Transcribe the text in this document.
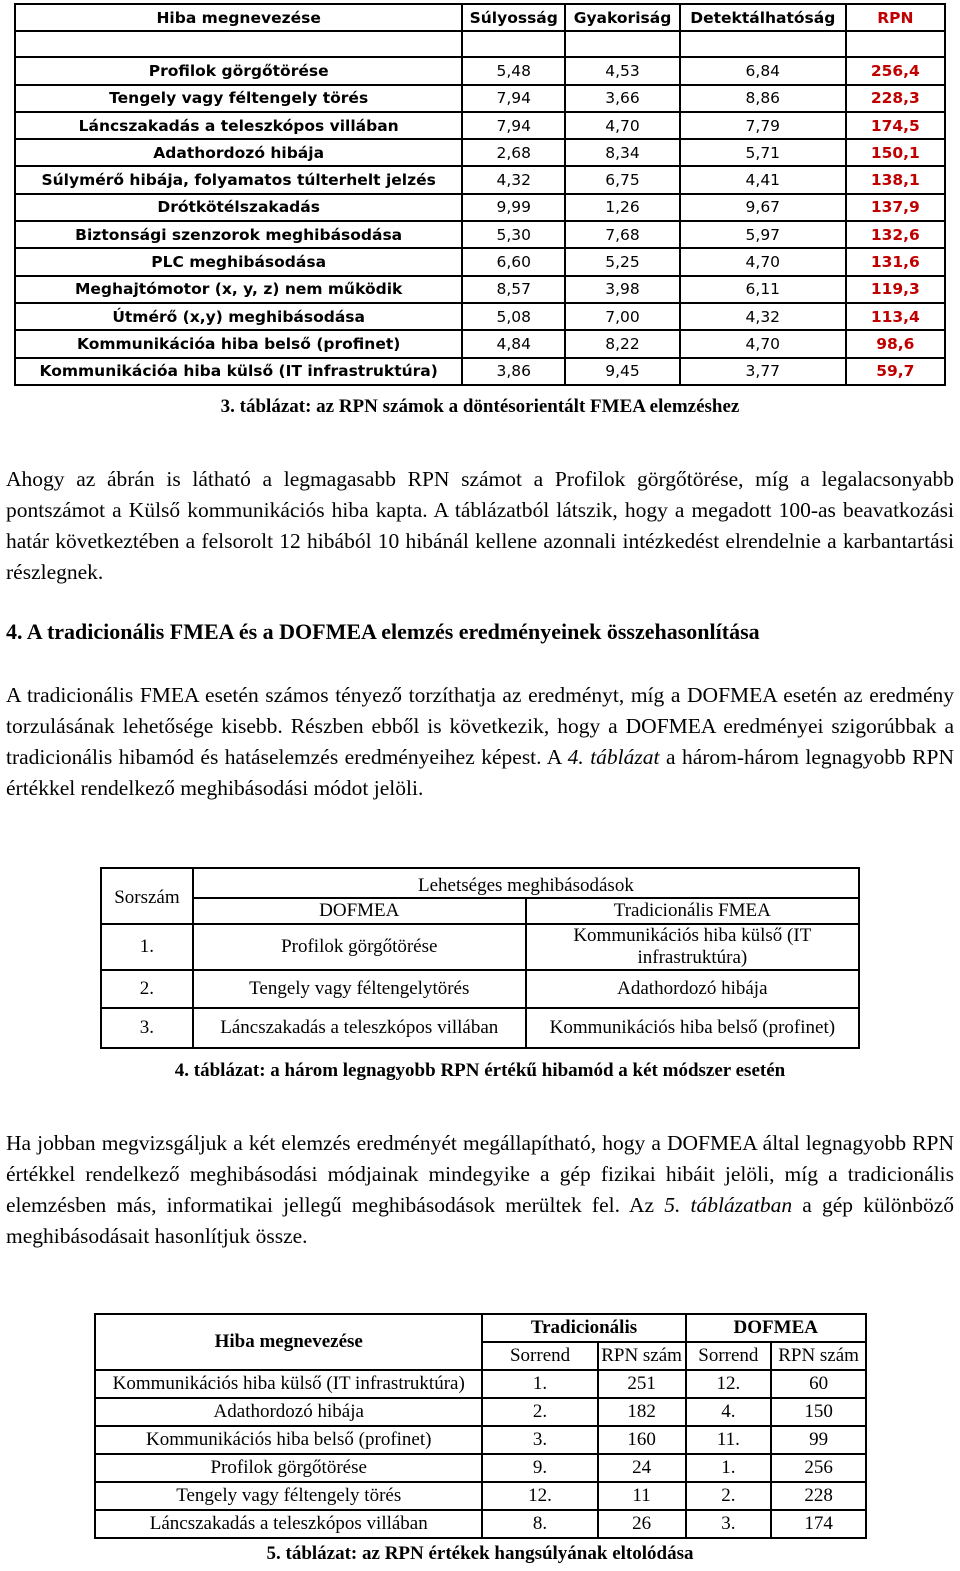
Hiba megnevezése	Súlyosság	Gyakoriság	Detektálhatóság	RPN

Profilok görgőtörése	5,48	4,53	6,84	256,4
Tengely vagy féltengely törés	7,94	3,66	8,86	228,3
Láncszakadás a teleszkópos villában	7,94	4,70	7,79	174,5
Adathordozó hibája	2,68	8,34	5,71	150,1
Súlymérő hibája, folyamatos túlterhelt jelzés	4,32	6,75	4,41	138,1
Drótkötélszakadás	9,99	1,26	9,67	137,9
Biztonsági szenzorok meghibásodása	5,30	7,68	5,97	132,6
PLC meghibásodása	6,60	5,25	4,70	131,6
Meghajtómotor (x, y, z) nem működik	8,57	3,98	6,11	119,3
Útmérő (x,y) meghibásodása	5,08	7,00	4,32	113,4
Kommunikációa hiba belső (profinet)	4,84	8,22	4,70	98,6
Kommunikációa hiba külső (IT infrastruktúra)	3,86	9,45	3,77	59,7
3. táblázat: az RPN számok a döntésorientált FMEA elemzéshez
Ahogy az ábrán is látható a legmagasabb RPN számot a Profilok görgőtörése, míg a legalacsonyabb pontszámot a Külső kommunikációs hiba kapta. A táblázatból látszik, hogy a megadott 100-as beavatkozási határ következtében a felsorolt 12 hibából 10 hibánál kellene azonnali intézkedést elrendelnie a karbantartási részlegnek.
4. A tradicionális FMEA és a DOFMEA elemzés eredményeinek összehasonlítása
A tradicionális FMEA esetén számos tényező torzíthatja az eredményt, míg a DOFMEA esetén az eredmény torzulásának lehetősége kisebb. Részben ebből is következik, hogy a DOFMEA eredményei szigorúbbak a tradicionális hibamód és hatáselemzés eredményeihez képest. A 4. táblázat a három-három legnagyobb RPN értékkel rendelkező meghibásodási módot jelöli.
Sorszám	Lehetséges meghibásodások	
	DOFMEA	Tradicionális FMEA
1.	Profilok görgőtörése	Kommunikációs hiba külső (IT infrastruktúra)
2.	Tengely vagy féltengelytörés	Adathordozó hibája
3.	Láncszakadás a teleszkópos villában	Kommunikációs hiba belső (profinet)
4. táblázat: a három legnagyobb RPN értékű hibamód a két módszer esetén
Ha jobban megvizsgáljuk a két elemzés eredményét megállapítható, hogy a DOFMEA által legnagyobb RPN értékkel rendelkező meghibásodási módjainak mindegyike a gép fizikai hibáit jelöli, míg a tradicionális elemzésben más, informatikai jellegű meghibásodások merültek fel. Az 5. táblázatban a gép különböző meghibásodásait hasonlítjuk össze.
Hiba megnevezése	Tradicionális		DOFMEA	
	Sorrend	RPN szám	Sorrend	RPN szám
Kommunikációs hiba külső (IT infrastruktúra)	1.	251	12.	60
Adathordozó hibája	2.	182	4.	150
Kommunikációs hiba belső (profinet)	3.	160	11.	99
Profilok görgőtörése	9.	24	1.	256
Tengely vagy féltengely törés	12.	11	2.	228
Láncszakadás a teleszkópos villában	8.	26	3.	174
5. táblázat: az RPN értékek hangsúlyának eltolódása
